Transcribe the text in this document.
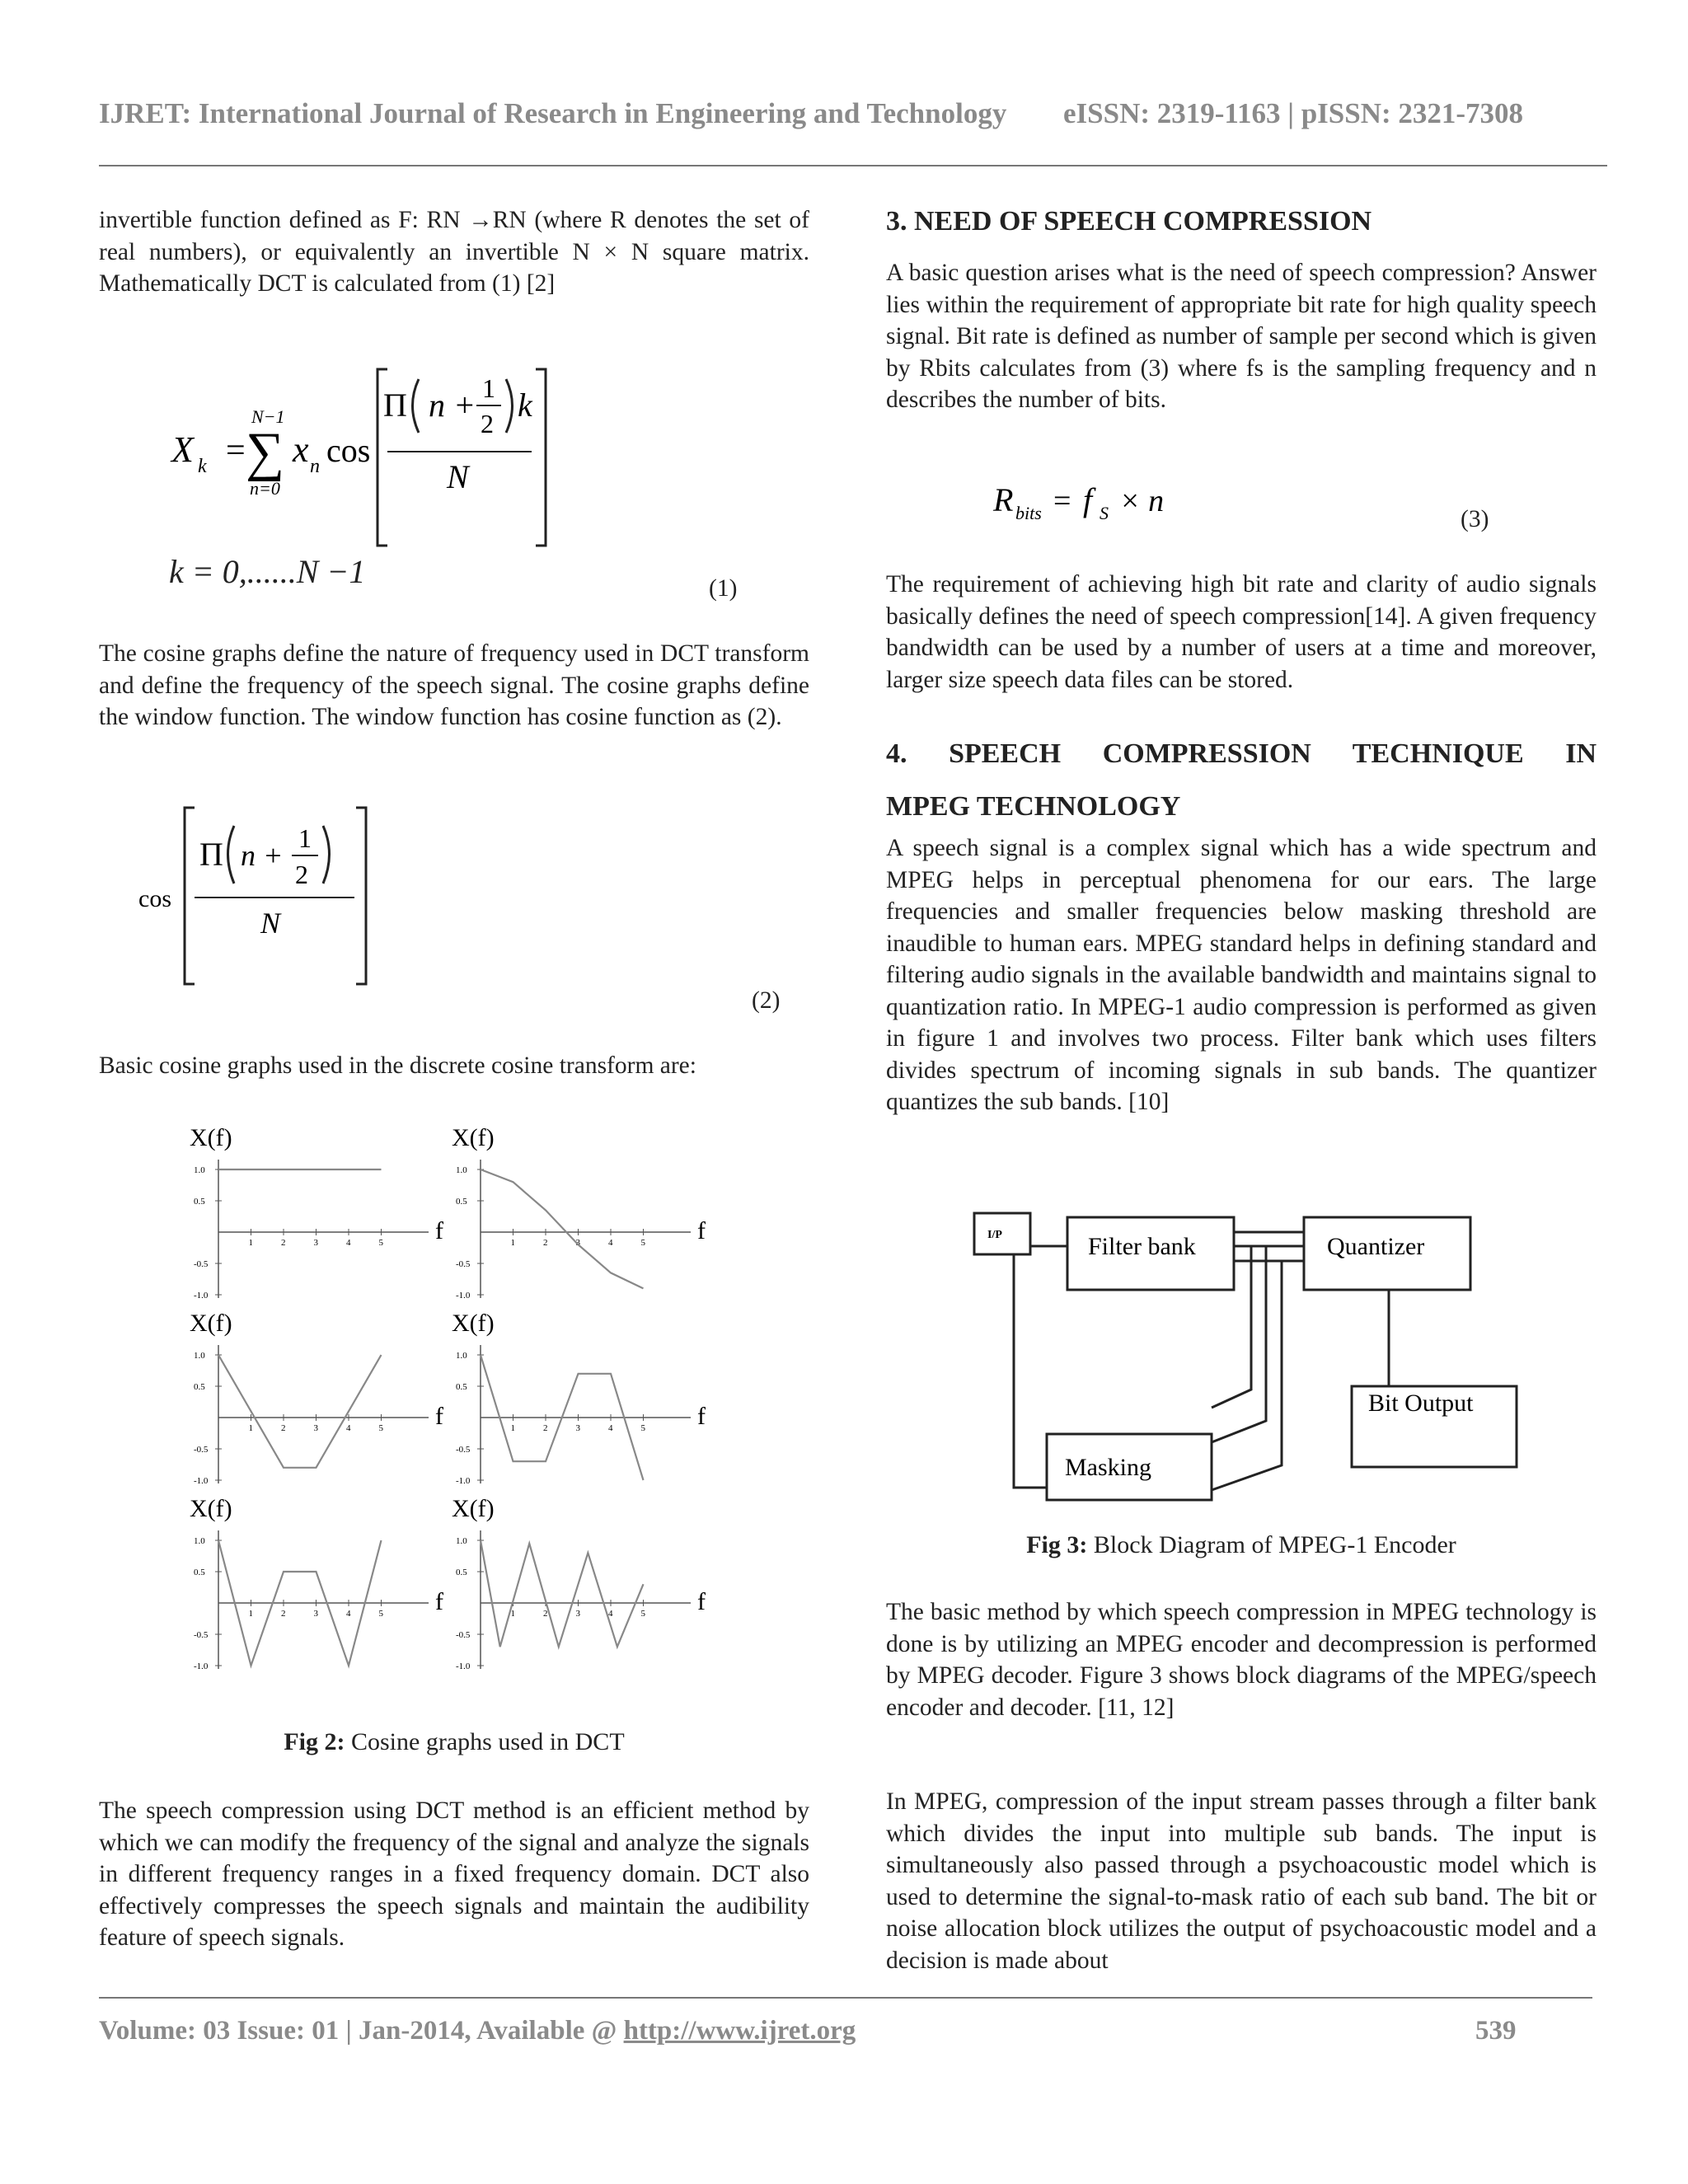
IJRET: International Journal of Research in Engineering and Technology eISSN: 2319-1163 | pISSN: 2321-7308

invertible function defined as F: RN →RN (where R denotes the set of real numbers), or equivalently an invertible N × N square matrix. Mathematically DCT is calculated from (1) [2]

X k =
N−1
∑
n=0
x n cos
Π n + 1
2 k
N
k = 0,......N −1	(1)

The cosine graphs define the nature of frequency used in DCT transform and define the frequency of the speech signal. The cosine graphs define the window function. The window function has cosine function as (2).

cos
Π n +
1
2
N
(2)

Basic cosine graphs used in the discrete cosine transform are:

X(f)
f
1.0
0.5
-0.5
-1.0
1	2	3	4	5
X(f)
f
1.0
0.5
-0.5
-1.0
1	2	3	4	5
X(f)
f
1.0
0.5
-0.5
-1.0
1	2	3	4	5
X(f)
f
1.0
0.5
-0.5
-1.0
1	2	3	4	5
X(f)
f
1.0
0.5
-0.5
-1.0
1	2	3	4	5
X(f)
f
1.0
0.5
-0.5
-1.0
1	2	3	4	5
Fig 2: Cosine graphs used in DCT

The speech compression using DCT method is an efficient method by which we can modify the frequency of the signal and analyze the signals in different frequency ranges in a fixed frequency domain. DCT also effectively compresses the speech signals and maintain the audibility feature of speech signals.

3. NEED OF SPEECH COMPRESSION

A basic question arises what is the need of speech compression? Answer lies within the requirement of appropriate bit rate for high quality speech signal. Bit rate is defined as number of sample per second which is given by Rbits calculates from (3) where fs is the sampling frequency and n describes the number of bits.

R bits = f S × n
(3)

The requirement of achieving high bit rate and clarity of audio signals basically defines the need of speech compression[14]. A given frequency bandwidth can be used by a number of users at a time and moreover, larger size speech data files can be stored.

4.   SPEECH   COMPRESSION   TECHNIQUE   IN
MPEG TECHNOLOGY

A speech signal is a complex signal which has a wide spectrum and MPEG helps in perceptual phenomena for our ears. The large frequencies and smaller frequencies below masking threshold are inaudible to human ears. MPEG standard helps in defining standard and filtering audio signals in the available bandwidth and maintains signal to quantization ratio. In MPEG-1 audio compression is performed as given in figure 1 and involves two process. Filter bank which uses filters divides spectrum of incoming signals in sub bands. The quantizer quantizes the sub bands. [10]

I/P	Filter bank	Quantizer
Masking
Bit Output
Fig 3: Block Diagram of MPEG-1 Encoder

The basic method by which speech compression in MPEG technology is done is by utilizing an MPEG encoder and decompression is performed by MPEG decoder. Figure 3 shows block diagrams of the MPEG/speech encoder and decoder. [11, 12]

In MPEG, compression of the input stream passes through a filter bank which divides the input into multiple sub bands. The input is simultaneously also passed through a psychoacoustic model which is used to determine the signal-to-mask ratio of each sub band. The bit or noise allocation block utilizes the output of psychoacoustic model and a decision is made about

Volume: 03 Issue: 01 | Jan-2014, Available @ http://www.ijret.org	539
